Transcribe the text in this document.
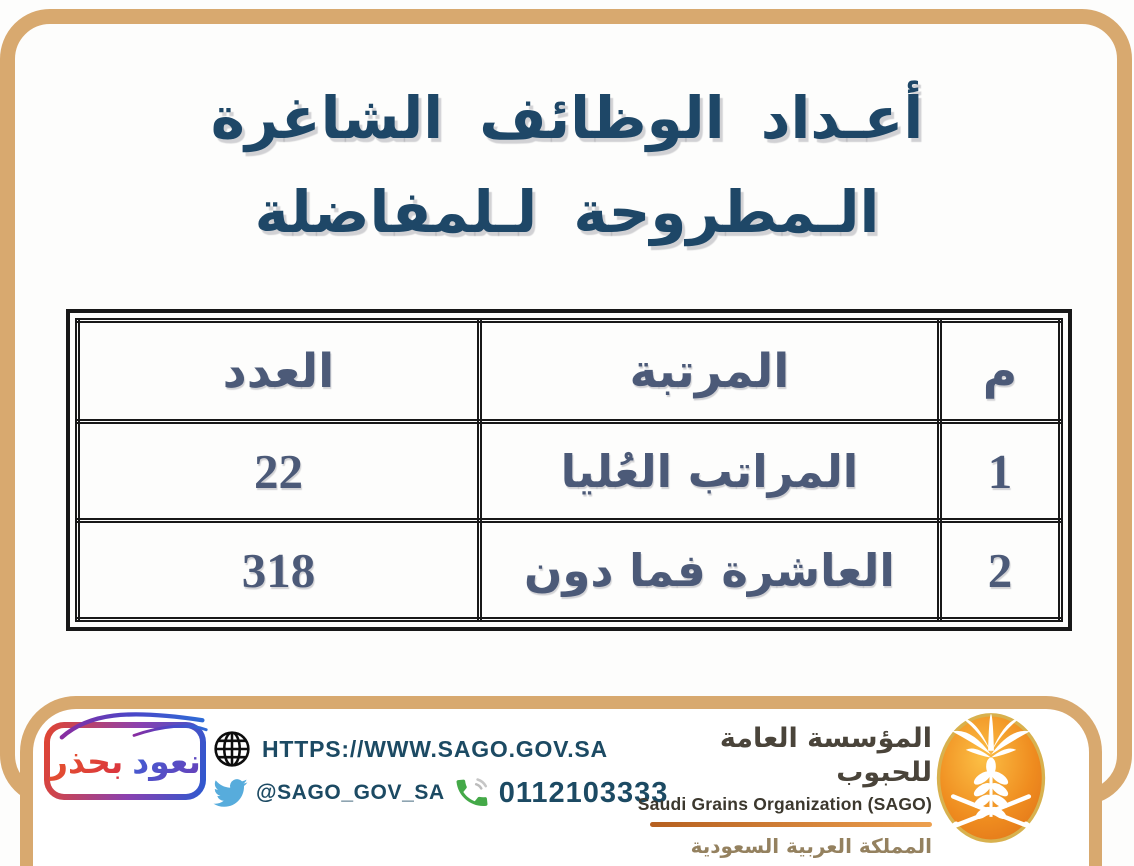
أعـداد الوظائف الشاغرة
الـمطروحة لـلمفاضلة
م	المرتبة	العدد
1	المراتب العُليا	22
2	العاشرة فما دون	318
نعود
بحذر	HTTPS://WWW.SAGO.GOV.SA
@SAGO_GOV_SA 0112103333
المؤسسة العامة للحبوب
Saudi Grains Organization (SAGO)
المملكة العربية السعودية
